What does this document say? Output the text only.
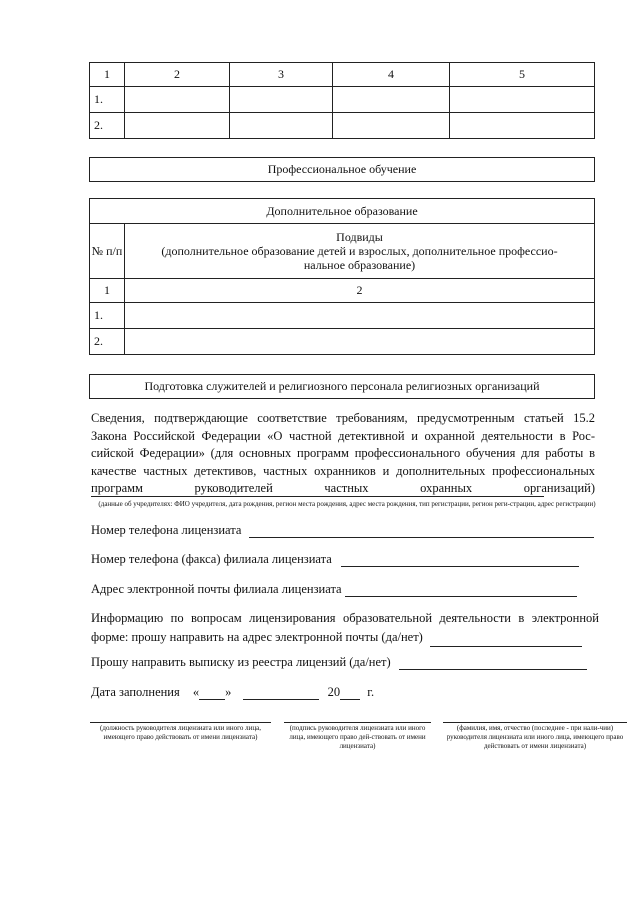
1	2	3	4	5
1.				
2.				
Профессиональное обучение
Дополнительное образование	
№ п/п	Подвиды
(дополнительное образование детей и взрослых, дополнительное профессио-нальное образование)

1	2
1.	
2.	
Подготовка служителей и религиозного персонала религиозных организаций
Сведения, подтверждающие соответствие требованиям, предусмотренным статьей 15.2 Закона Российской Федерации «О частной детективной и охранной деятельности в Рос-сийской Федерации» (для основных программ профессионального обучения для работы в качестве частных детективов, частных охранников и дополнительных профессиональных программ руководителей частных охранных организаций)
(данные об учредителях: ФИО учредителя, дата рождения, регион места рождения, адрес места рождения, тип регистрации, регион реги-страции, адрес регистрации)
Номер телефона лицензиата
Номер телефона (факса) филиала лицензиата
Адрес электронной почты филиала лицензиата
Информацию по вопросам лицензирования образовательной деятельности в электронной форме: прошу направить на адрес электронной почты (да/нет)
Прошу направить выписку из реестра лицензий (да/нет)
Дата заполнения « »	20 г.
(должность руководителя лицензиата или иного лица, имеющего право действовать от имени лицензиата)
(подпись руководителя лицензиата или иного лица, имеющего право дей-ствовать от имени лицензиата)
(фамилия, имя, отчество (последнее - при нали-чии) руководителя лицензиата или иного лица, имеющего право действовать от имени лицензиата)
